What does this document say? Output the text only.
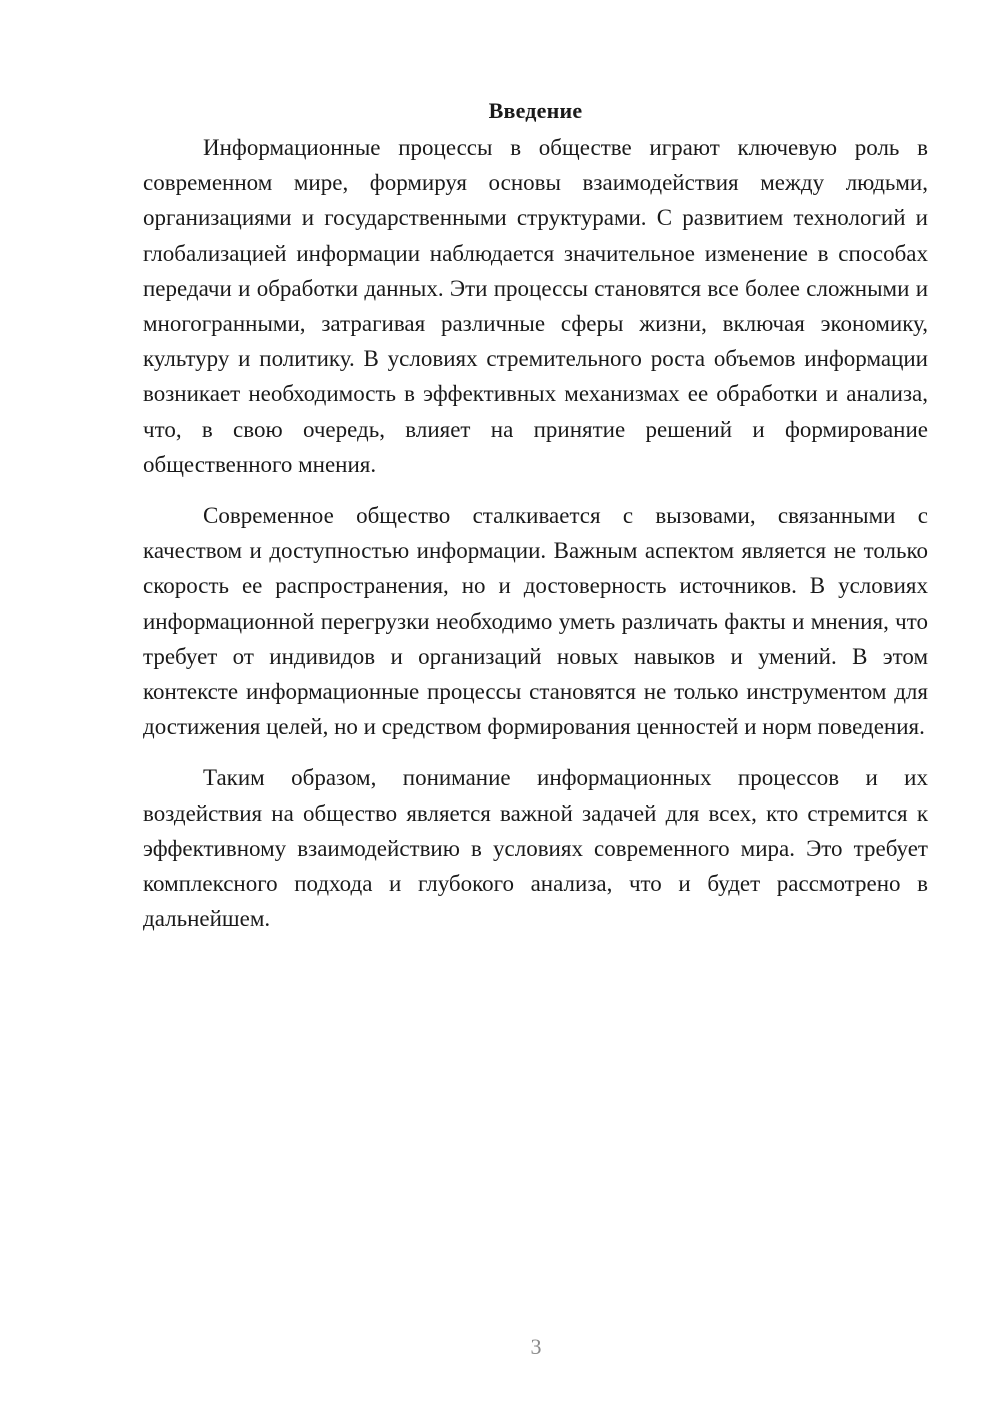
Введение

Информационные процессы в обществе играют ключевую роль в современном мире, формируя основы взаимодействия между людьми, организациями и государственными структурами. С развитием технологий и глобализацией информации наблюдается значительное изменение в способах передачи и обработки данных. Эти процессы становятся все более сложными и многогранными, затрагивая различные сферы жизни, включая экономику, культуру и политику. В условиях стремительного роста объемов информации возникает необходимость в эффективных механизмах ее обработки и анализа, что, в свою очередь, влияет на принятие решений и формирование общественного мнения.

Современное общество сталкивается с вызовами, связанными с качеством и доступностью информации. Важным аспектом является не только скорость ее распространения, но и достоверность источников. В условиях информационной перегрузки необходимо уметь различать факты и мнения, что требует от индивидов и организаций новых навыков и умений. В этом контексте информационные процессы становятся не только инструментом для достижения целей, но и средством формирования ценностей и норм поведения.

Таким образом, понимание информационных процессов и их воздействия на общество является важной задачей для всех, кто стремится к эффективному взаимодействию в условиях современного мира. Это требует комплексного подхода и глубокого анализа, что и будет рассмотрено в дальнейшем.

3
